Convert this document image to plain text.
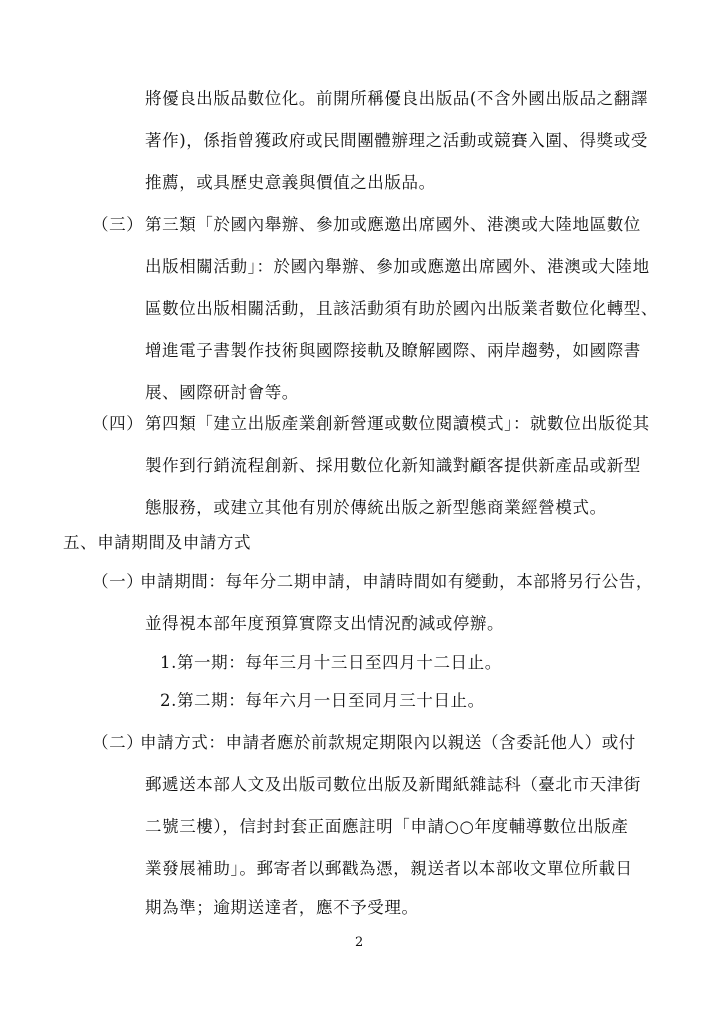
將優良出版品數位化。前開所稱優良出版品(不含外國出版品之翻譯
著作)，係指曾獲政府或民間團體辦理之活動或競賽入圍、得獎或受
推薦，或具歷史意義與價值之出版品。
（三） 第三類「於國內舉辦、參加或應邀出席國外、港澳或大陸地區數位
出版相關活動」：於國內舉辦、參加或應邀出席國外、港澳或大陸地
區數位出版相關活動，且該活動須有助於國內出版業者數位化轉型、
增進電子書製作技術與國際接軌及瞭解國際、兩岸趨勢，如國際書
展、國際研討會等。
（四） 第四類「建立出版產業創新營運或數位閱讀模式」：就數位出版從其
製作到行銷流程創新、採用數位化新知識對顧客提供新產品或新型
態服務，或建立其他有別於傳統出版之新型態商業經營模式。
五、申請期間及申請方式
（一）
申請期間：每年分二期申請，申請時間如有變動，本部將另行公告，
並得視本部年度預算實際支出情況酌減或停辦。
1.第一期：每年三月十三日至四月十二日止。
2.第二期：每年六月一日至同月三十日止。
（二）
申請方式：申請者應於前款規定期限內以親送（含委託他人）或付
郵遞送本部人文及出版司數位出版及新聞紙雜誌科（臺北市天津街
二號三樓），信封封套正面應註明「申請○○年度輔導數位出版產
業發展補助」。郵寄者以郵戳為憑，親送者以本部收文單位所載日
期為準；逾期送達者，應不予受理。
2
